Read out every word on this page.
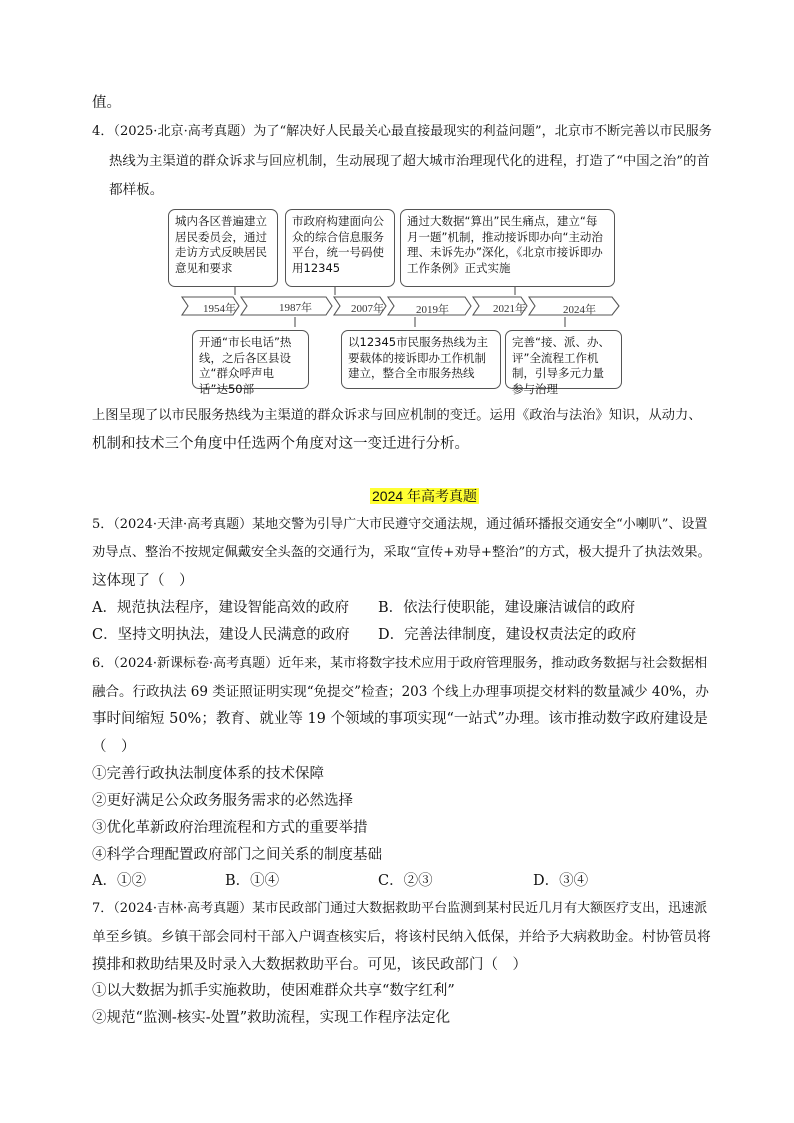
值。
4．（2025·北京·高考真题）为了“解决好人民最关心最直接最现实的利益问题”，北京市不断完善以市民服务
热线为主渠道的群众诉求与回应机制，生动展现了超大城市治理现代化的进程，打造了“中国之治”的首
都样板。
城内各区普遍建立居民委员会，通过走访方式反映居民意见和要求
市政府构建面向公众的综合信息服务平台，统一号码使用12345
通过大数据“算出”民生痛点，建立“每月一题”机制，推动接诉即办向“主动治理、未诉先办”深化，《北京市接诉即办工作条例》正式实施
1954年	1987年	2007年	2019年	2021年	2024年
开通“市长电话”热线，之后各区县设立“群众呼声电话”达50部
以12345市民服务热线为主要载体的接诉即办工作机制建立，整合全市服务热线
完善“接、派、办、评”全流程工作机制，引导多元力量参与治理
上图呈现了以市民服务热线为主渠道的群众诉求与回应机制的变迁。运用《政治与法治》知识，从动力、
机制和技术三个角度中任选两个角度对这一变迁进行分析。
2024 年高考真题
5．（2024·天津·高考真题）某地交警为引导广大市民遵守交通法规，通过循环播报交通安全“小喇叭”、设置
劝导点、整治不按规定佩戴安全头盔的交通行为，采取“宣传+劝导+整治”的方式，极大提升了执法效果。
这体现了（　）
A．规范执法程序，建设智能高效的政府 B．依法行使职能，建设廉洁诚信的政府
C．坚持文明执法，建设人民满意的政府 D．完善法律制度，建设权责法定的政府
6．（2024·新课标卷·高考真题）近年来，某市将数字技术应用于政府管理服务，推动政务数据与社会数据相
融合。行政执法 69 类证照证明实现“免提交”检查；203 个线上办理事项提交材料的数量减少 40%，办
事时间缩短 50%；教育、就业等 19 个领域的事项实现“一站式”办理。该市推动数字政府建设是
（　）
①完善行政执法制度体系的技术保障
②更好满足公众政务服务需求的必然选择
③优化革新政府治理流程和方式的重要举措
④科学合理配置政府部门之间关系的制度基础
A．①②	B．①④	C．②③	D．③④
7．（2024·吉林·高考真题）某市民政部门通过大数据救助平台监测到某村民近几月有大额医疗支出，迅速派
单至乡镇。乡镇干部会同村干部入户调查核实后，将该村民纳入低保，并给予大病救助金。村协管员将
摸排和救助结果及时录入大数据救助平台。可见，该民政部门（　）
①以大数据为抓手实施救助，使困难群众共享“数字红利”
②规范“监测-核实-处置”救助流程，实现工作程序法定化
